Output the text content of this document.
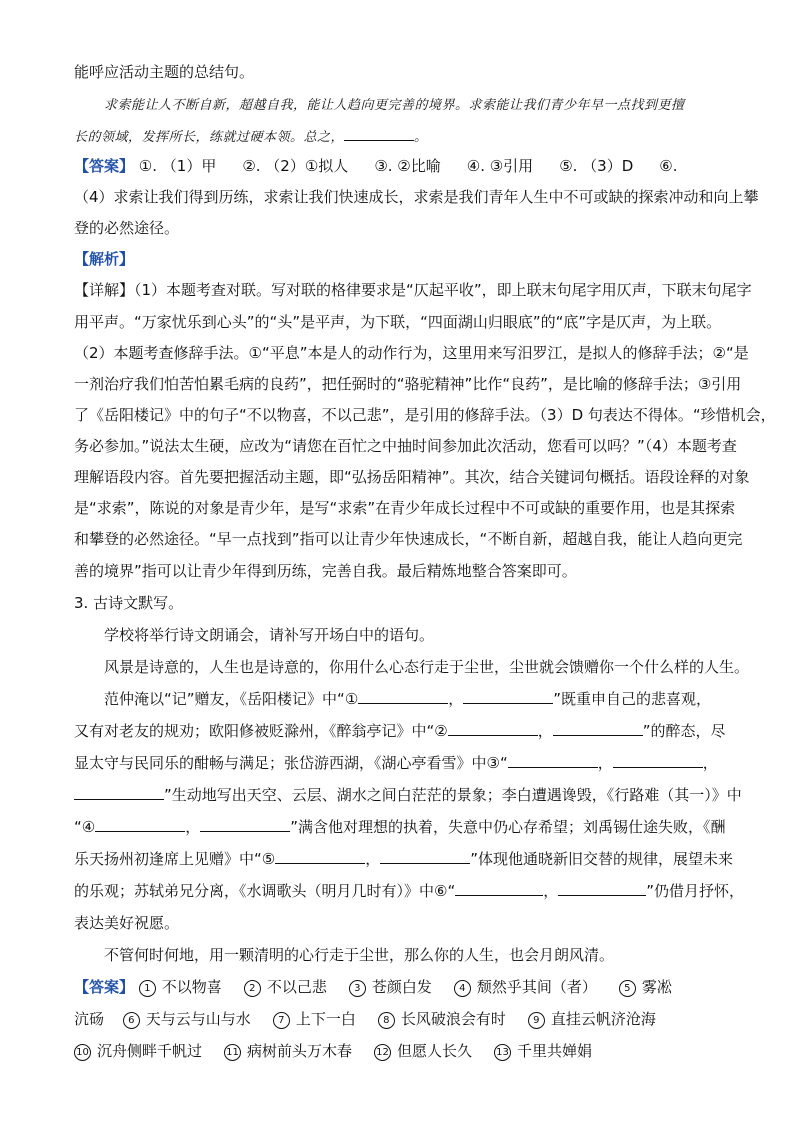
能呼应活动主题的总结句。
求索能让人不断自新，超越自我，能让人趋向更完善的境界。求索能让我们青少年早一点找到更擅
长的领域，发挥所长，练就过硬本领。总之，	。
【答案】 ①. （1）甲 ②. （2）①拟人 ③. ②比喻 ④. ③引用 ⑤. （3）D ⑥.
（4）求索让我们得到历练，求索让我们快速成长，求索是我们青年人生中不可或缺的探索冲动和向上攀
登的必然途径。
【解析】
【详解】（1）本题考查对联。写对联的格律要求是“仄起平收”，即上联末句尾字用仄声，下联末句尾字
用平声。“万家忧乐到心头”的“头”是平声，为下联，“四面湖山归眼底”的“底”字是仄声，为上联。
（2）本题考查修辞手法。①“平息”本是人的动作行为，这里用来写汨罗江，是拟人的修辞手法；②“是
一剂治疗我们怕苦怕累毛病的良药”，把任弼时的“骆驼精神”比作“良药”，是比喻的修辞手法；③引用
了《岳阳楼记》中的句子“不以物喜，不以己悲”，是引用的修辞手法。（3）D 句表达不得体。“珍惜机会，
务必参加。”说法太生硬，应改为“请您在百忙之中抽时间参加此次活动，您看可以吗？”（4）本题考查
理解语段内容。首先要把握活动主题，即“弘扬岳阳精神”。其次，结合关键词句概括。语段诠释的对象
是“求索”，陈说的对象是青少年，是写“求索”在青少年成长过程中不可或缺的重要作用，也是其探索
和攀登的必然途径。“早一点找到”指可以让青少年快速成长，“不断自新，超越自我，能让人趋向更完
善的境界”指可以让青少年得到历练，完善自我。最后精炼地整合答案即可。
3. 古诗文默写。
学校将举行诗文朗诵会，请补写开场白中的语句。
风景是诗意的，人生也是诗意的，你用什么心态行走于尘世，尘世就会馈赠你一个什么样的人生。
范仲淹以“记”赠友，《岳阳楼记》中“①	，	”既重申自己的悲喜观，
又有对老友的规劝；欧阳修被贬滁州，《醉翁亭记》中“②	，	”的醉态，尽
显太守与民同乐的酣畅与满足；张岱游西湖，《湖心亭看雪》中③“	，	，
”生动地写出天空、云层、湖水之间白茫茫的景象；李白遭遇谗毁，《行路难（其一）》中
“④	，	”满含他对理想的执着，失意中仍心存希望；刘禹锡仕途失败，《酬
乐天扬州初逢席上见赠》中“⑤	，	”体现他通晓新旧交替的规律，展望未来
的乐观；苏轼弟兄分离，《水调歌头（明月几时有）》中⑥“	，	”仍借月抒怀，
表达美好祝愿。
不管何时何地，用一颗清明的心行走于尘世，那么你的人生，也会月朗风清。
【答案】 1 不以物喜	2 不以己悲	3 苍颜白发	4 颓然乎其间（者）	5 雾凇
沆砀 6 天与云与山与水	7 上下一白	8 长风破浪会有时	9 直挂云帆济沧海
10 沉舟侧畔千帆过 11 病树前头万木春 12 但愿人长久 13 千里共婵娟
